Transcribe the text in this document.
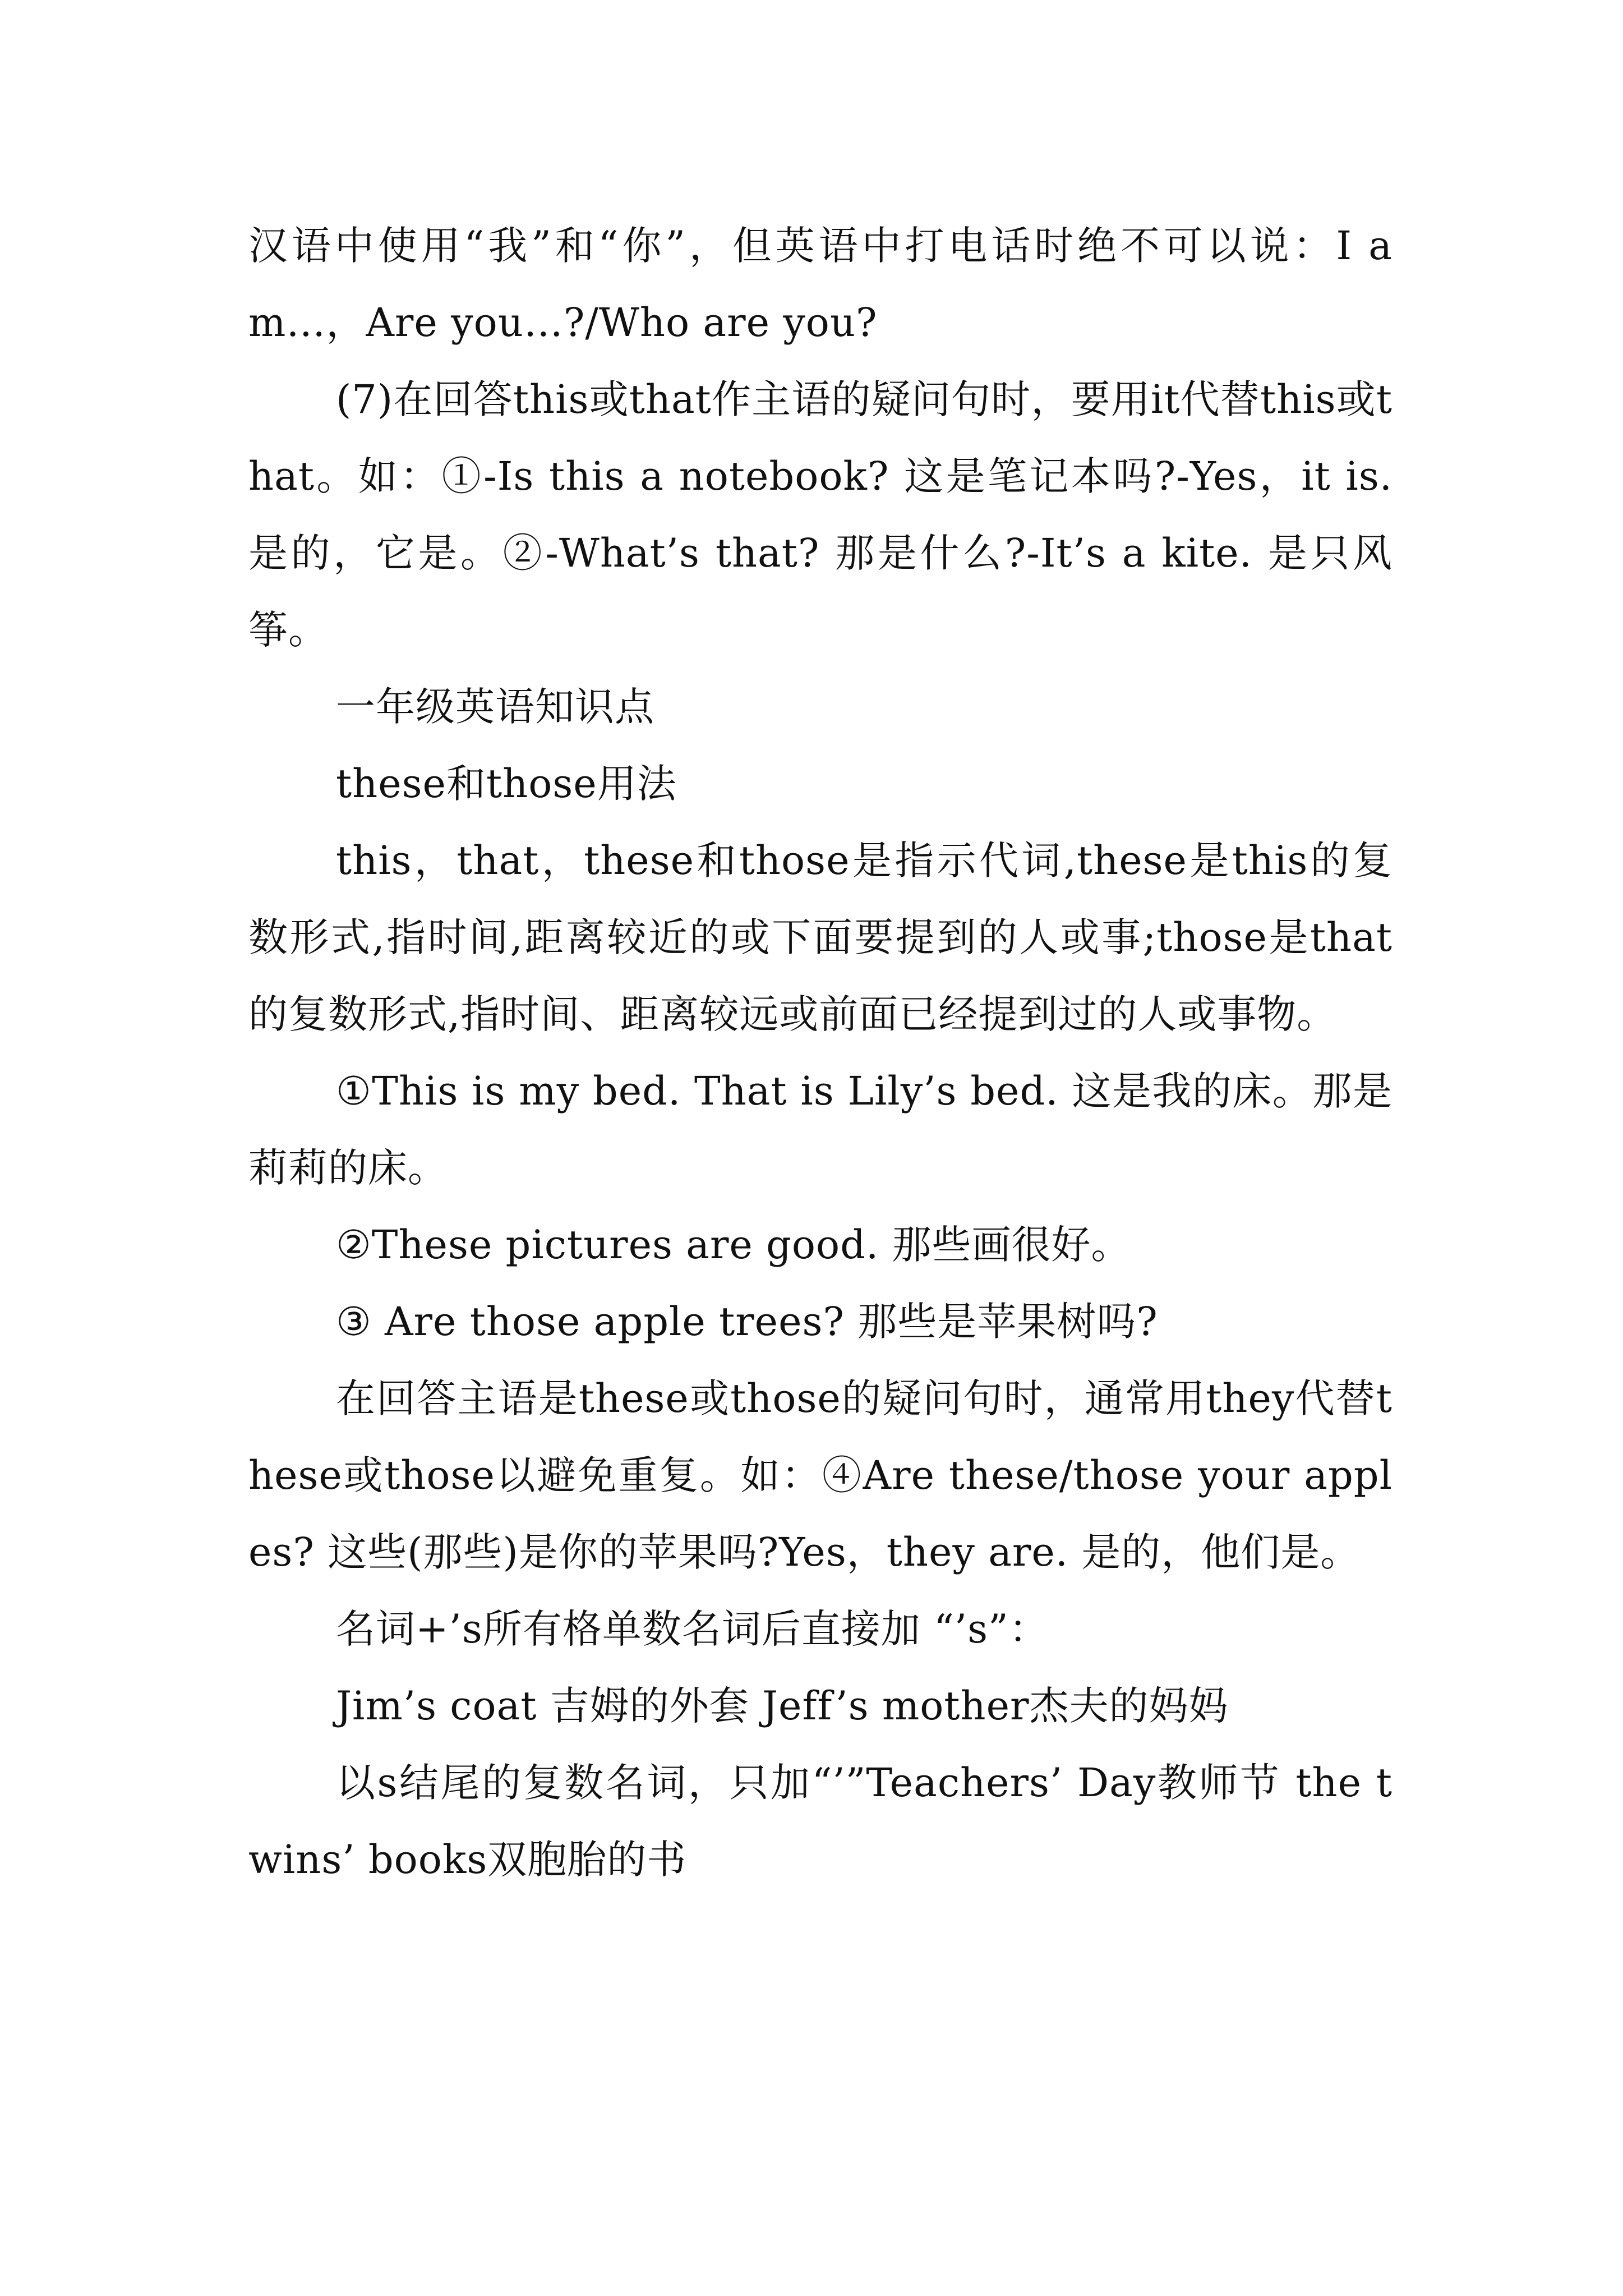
汉语中使用“我”和“你”，但英语中打电话时绝不可以说：I am…，Are you…?/Who are you?

(7)在回答this或that作主语的疑问句时，要用it代替this或that。如：①-Is this a notebook? 这是笔记本吗?-Yes，it is. 是的，它是。②-What’s that? 那是什么?-It’s a kite. 是只风筝。

一年级英语知识点

these和those用法

this，that，these和those是指示代词,these是this的复数形式,指时间,距离较近的或下面要提到的人或事;those是that的复数形式,指时间、距离较远或前面已经提到过的人或事物。

①This is my bed. That is Lily’s bed. 这是我的床。那是莉莉的床。

②These pictures are good. 那些画很好。

③ Are those apple trees? 那些是苹果树吗?

在回答主语是these或those的疑问句时，通常用they代替these或those以避免重复。如：④Are these/those your apples? 这些(那些)是你的苹果吗?Yes，they are. 是的，他们是。

名词+’s所有格单数名词后直接加 “’s”：

Jim’s coat 吉姆的外套 Jeff’s mother杰夫的妈妈

以s结尾的复数名词，只加“’”Teachers’ Day教师节 the twins’ books双胞胎的书
